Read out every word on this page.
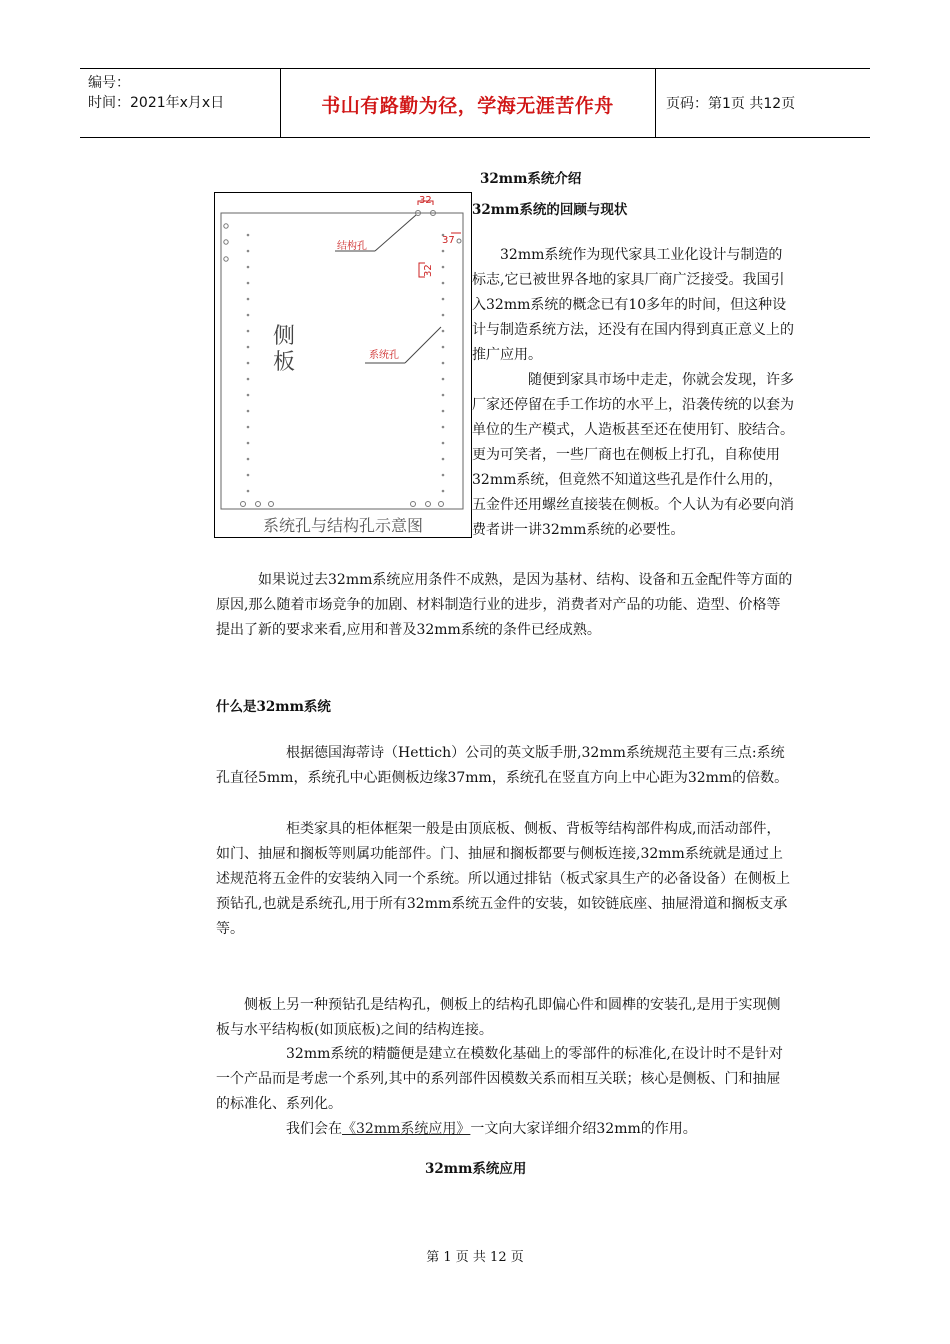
编号：
时间：2021年x月x日	书山有路勤为径，学海无涯苦作舟	页码：第1页 共12页
32mm系统介绍
32
37
32
结构孔
系统孔
侧
板
系统孔与结构孔示意图
32mm系统的回顾与现状

32mm系统作为现代家具工业化设计与制造的标志,它已被世界各地的家具厂商广泛接受。我国引入32mm系统的概念已有10多年的时间，但这种设计与制造系统方法，还没有在国内得到真正意义上的推广应用。

随便到家具市场中走走，你就会发现，许多厂家还停留在手工作坊的水平上，沿袭传统的以套为单位的生产模式，人造板甚至还在使用钉、胶结合。更为可笑者，一些厂商也在侧板上打孔，自称使用32mm系统，但竟然不知道这些孔是作什么用的，五金件还用螺丝直接装在侧板。个人认为有必要向消费者讲一讲32mm系统的必要性。

如果说过去32mm系统应用条件不成熟，是因为基材、结构、设备和五金配件等方面的原因,那么随着市场竞争的加剧、材料制造行业的进步，消费者对产品的功能、造型、价格等提出了新的要求来看,应用和普及32mm系统的条件已经成熟。

什么是32mm系统

根据德国海蒂诗（Hettich）公司的英文版手册,32mm系统规范主要有三点:系统孔直径5mm，系统孔中心距侧板边缘37mm，系统孔在竖直方向上中心距为32mm的倍数。

柜类家具的柜体框架一般是由顶底板、侧板、背板等结构部件构成,而活动部件，如门、抽屉和搁板等则属功能部件。门、抽屉和搁板都要与侧板连接,32mm系统就是通过上述规范将五金件的安装纳入同一个系统。所以通过排钻（板式家具生产的必备设备）在侧板上预钻孔,也就是系统孔,用于所有32mm系统五金件的安装，如铰链底座、抽屉滑道和搁板支承等。

侧板上另一种预钻孔是结构孔，侧板上的结构孔即偏心件和圆榫的安装孔,是用于实现侧板与水平结构板(如顶底板)之间的结构连接。

32mm系统的精髓便是建立在模数化基础上的零部件的标准化,在设计时不是针对一个产品而是考虑一个系列,其中的系列部件因模数关系而相互关联；核心是侧板、门和抽屉的标准化、系列化。

我们会在《32mm系统应用》一文向大家详细介绍32mm的作用。

32mm系统应用
第 1 页 共 12 页
